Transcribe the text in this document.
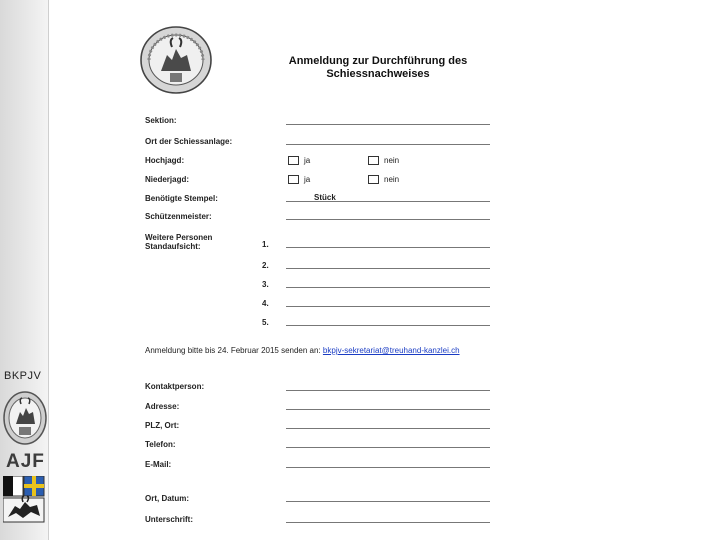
BKPJV
AJF
Anmeldung zur Durchführung des
Schiessnachweises
Sektion:
Ort der Schiessanlage:
Hochjagd:	ja	nein
Niederjagd:	ja	nein
Benötigte Stempel:	Stück
Schützenmeister:
Weitere Personen
Standaufsicht:	1.
2.
3.
4.
5.
Anmeldung bitte bis 24. Februar 2015 senden an: bkpjv-sekretariat@treuhand-kanzlei.ch
Kontaktperson:
Adresse:
PLZ, Ort:
Telefon:
E-Mail:
Ort, Datum:
Unterschrift:
